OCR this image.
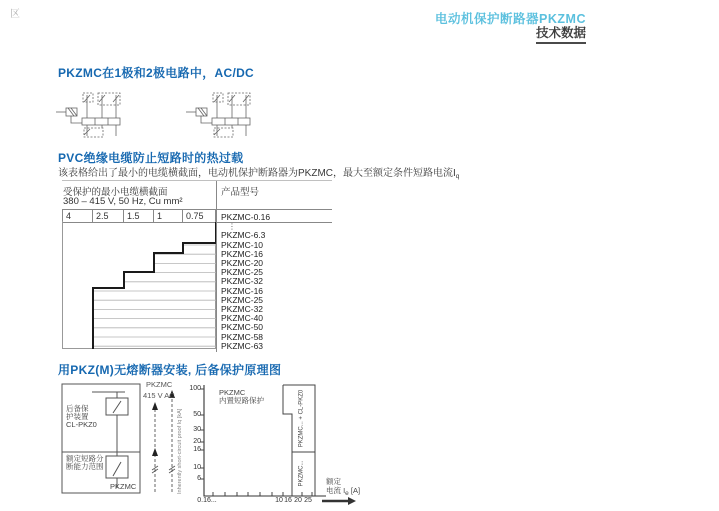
区	电动机保护断路器PKZMC
技术数据
PKZMC在1极和2极电路中，AC/DC
PVC绝缘电缆防止短路时的热过载
该表格给出了最小的电缆横截面，电动机保护断路器为PKZMC，最大至额定条件短路电流$I_q$
受保护的最小电缆横截面	产品型号
380 – 415 V, 50 Hz, Cu mm²
4	2.5	1.5	1	0.75	PKZMC-0.16
⋮
PKZMC-6.3
PKZMC-10
PKZMC-16
PKZMC-20
PKZMC-25
PKZMC-32
PKZMC-16
PKZMC-25
PKZMC-32
PKZMC-40
PKZMC-50
PKZMC-58
PKZMC-63
用PKZ(M)无熔断器安装, 后备保护原理图
后备保
护装置
CL-PKZ0
额定短路分
断能力范围
PKZMC
PKZMC
415 V AC
Inherently short-circuit proof Iq [kA]
100
50
30
20
16
10
6
0.16...	10 16 20 25
PKZMC
内置短路保护	PKZMC... + CL-PKZ0
PKZMC...	额定
电流 Ie [A]
